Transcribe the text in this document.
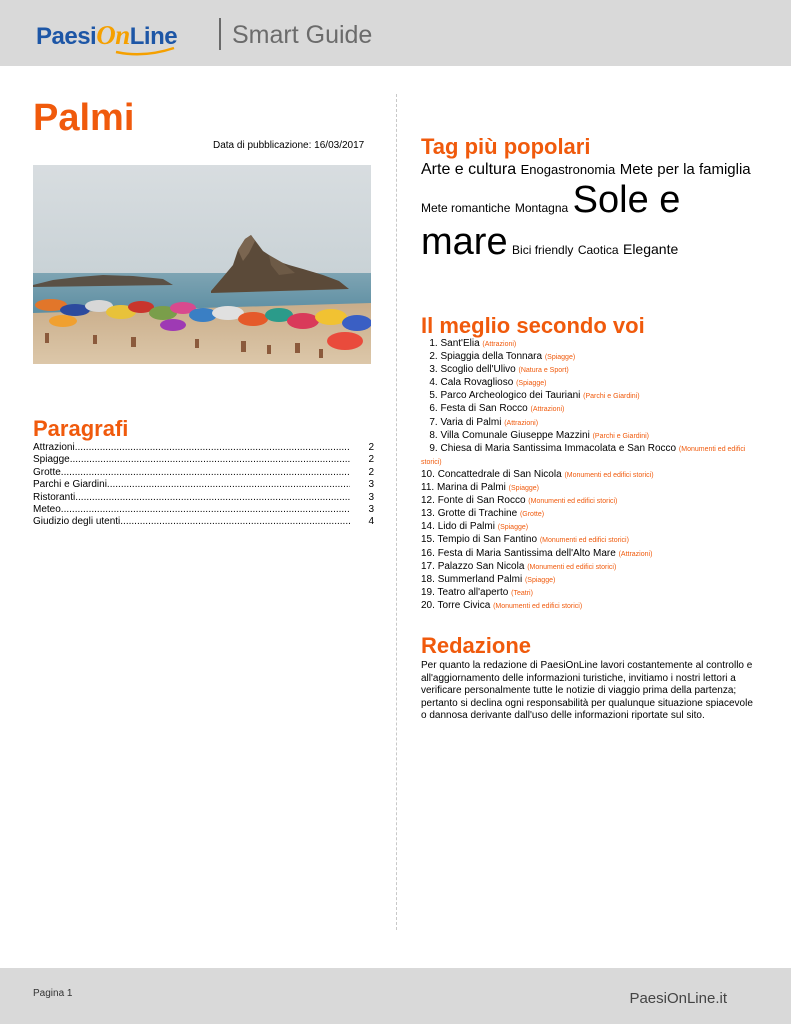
PaesiOnLine Smart Guide
Palmi
Data di pubblicazione: 16/03/2017
Paragrafi
Attrazioni .....	2
Spiagge .....	2
Grotte .....	2
Parchi e Giardini .....	3
Ristoranti .....	3
Meteo .....	3
Giudizio degli utenti .....	4
Tag più popolari
Arte e cultura Enogastronomia Mete per la famiglia Mete romantiche Montagna Sole e mare Bici friendly Caotica Elegante
Il meglio secondo voi
1. Sant'Elia (Attrazioni)
2. Spiaggia della Tonnara (Spiagge)
3. Scoglio dell'Ulivo (Natura e Sport)
4. Cala Rovaglioso (Spiagge)
5. Parco Archeologico dei Tauriani (Parchi e Giardini)
6. Festa di San Rocco (Attrazioni)
7. Varia di Palmi (Attrazioni)
8. Villa Comunale Giuseppe Mazzini (Parchi e Giardini)
9. Chiesa di Maria Santissima Immacolata e San Rocco (Monumenti ed edifici storici)
10. Concattedrale di San Nicola (Monumenti ed edifici storici)
11. Marina di Palmi (Spiagge)
12. Fonte di San Rocco (Monumenti ed edifici storici)
13. Grotte di Trachine (Grotte)
14. Lido di Palmi (Spiagge)
15. Tempio di San Fantino (Monumenti ed edifici storici)
16. Festa di Maria Santissima dell'Alto Mare (Attrazioni)
17. Palazzo San Nicola (Monumenti ed edifici storici)
18. Summerland Palmi (Spiagge)
19. Teatro all'aperto (Teatri)
20. Torre Civica (Monumenti ed edifici storici)
Redazione
Per quanto la redazione di PaesiOnLine lavori costantemente al controllo e all'aggiornamento delle informazioni turistiche, invitiamo i nostri lettori a verificare personalmente tutte le notizie di viaggio prima della partenza; pertanto si declina ogni responsabilità per qualunque situazione spiacevole o dannosa derivante dall'uso delle informazioni riportate sul sito.
Pagina 1	PaesiOnLine.it
